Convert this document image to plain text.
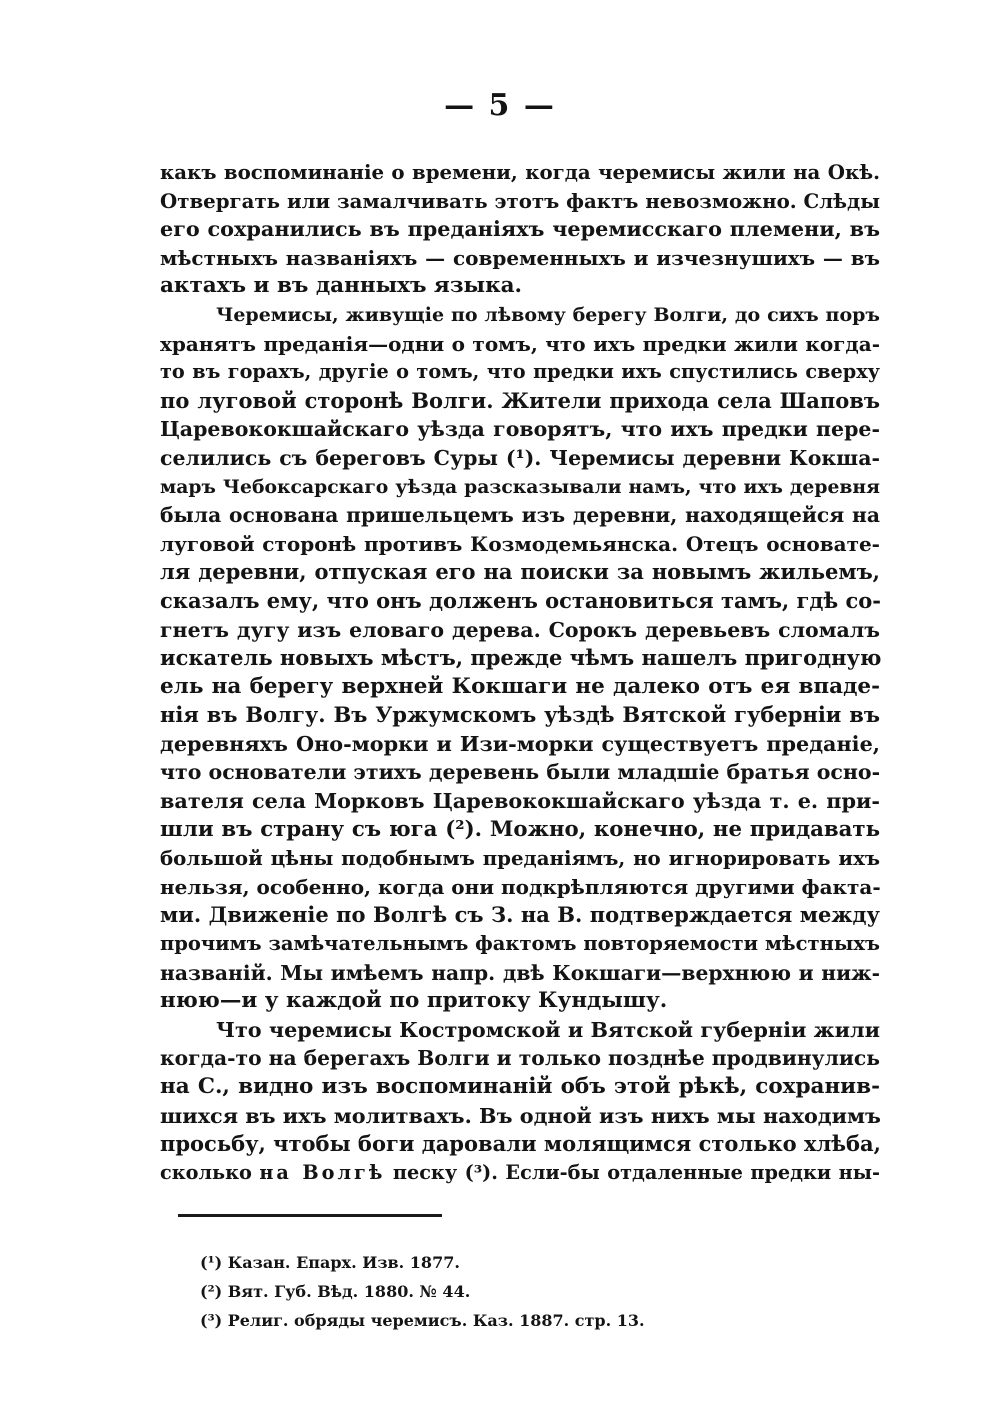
— 5 —

какъ воспоминаніе о времени, когда черемисы жили на Окѣ.
Отвергать или замалчивать этотъ фактъ невозможно. Слѣды
его сохранились въ преданіяхъ черемисскаго племени, въ
мѣстныхъ названіяхъ — современныхъ и изчезнушихъ — въ
актахъ и въ данныхъ языка.

Черемисы, живущіе по лѣвому берегу Волги, до сихъ поръ
хранятъ преданія—одни о томъ, что ихъ предки жили когда-
то въ горахъ, другіе о томъ, что предки ихъ спустились сверху
по луговой сторонѣ Волги. Жители прихода села Шаповъ
Царевококшайскаго уѣзда говорятъ, что ихъ предки пере-
селились съ береговъ Суры (¹). Черемисы деревни Кокша-
маръ Чебоксарскаго уѣзда разсказывали намъ, что ихъ деревня
была основана пришельцемъ изъ деревни, находящейся на
луговой сторонѣ противъ Козмодемьянска. Отецъ основате-
ля деревни, отпуская его на поиски за новымъ жильемъ,
сказалъ ему, что онъ долженъ остановиться тамъ, гдѣ со-
гнетъ дугу изъ еловаго дерева. Сорокъ деревьевъ сломалъ
искатель новыхъ мѣстъ, прежде чѣмъ нашелъ пригодную
ель на берегу верхней Кокшаги не далеко отъ ея впаде-
нія въ Волгу. Въ Уржумскомъ уѣздѣ Вятской губерніи въ
деревняхъ Оно-морки и Изи-морки существуетъ преданіе,
что основатели этихъ деревень были младшіе братья осно-
вателя села Морковъ Царевококшайскаго уѣзда т. е. при-
шли въ страну съ юга (²). Можно, конечно, не придавать
большой цѣны подобнымъ преданіямъ, но игнорировать ихъ
нельзя, особенно, когда они подкрѣпляются другими факта-
ми. Движеніе по Волгѣ съ З. на В. подтверждается между
прочимъ замѣчательнымъ фактомъ повторяемости мѣстныхъ
названій. Мы имѣемъ напр. двѣ Кокшаги—верхнюю и ниж-
нюю—и у каждой по притоку Кундышу.

Что черемисы Костромской и Вятской губерніи жили
когда-то на берегахъ Волги и только позднѣе продвинулись
на С., видно изъ воспоминаній объ этой рѣкѣ, сохранив-
шихся въ ихъ молитвахъ. Въ одной изъ нихъ мы находимъ
просьбу, чтобы боги даровали молящимся столько хлѣба,
сколько на Волгѣ песку (³). Если-бы отдаленные предки ны-

(¹) Казан. Епарх. Изв. 1877.
(²) Вят. Губ. Вѣд. 1880. № 44.
(³) Религ. обряды черемисъ. Каз. 1887. стр. 13.
